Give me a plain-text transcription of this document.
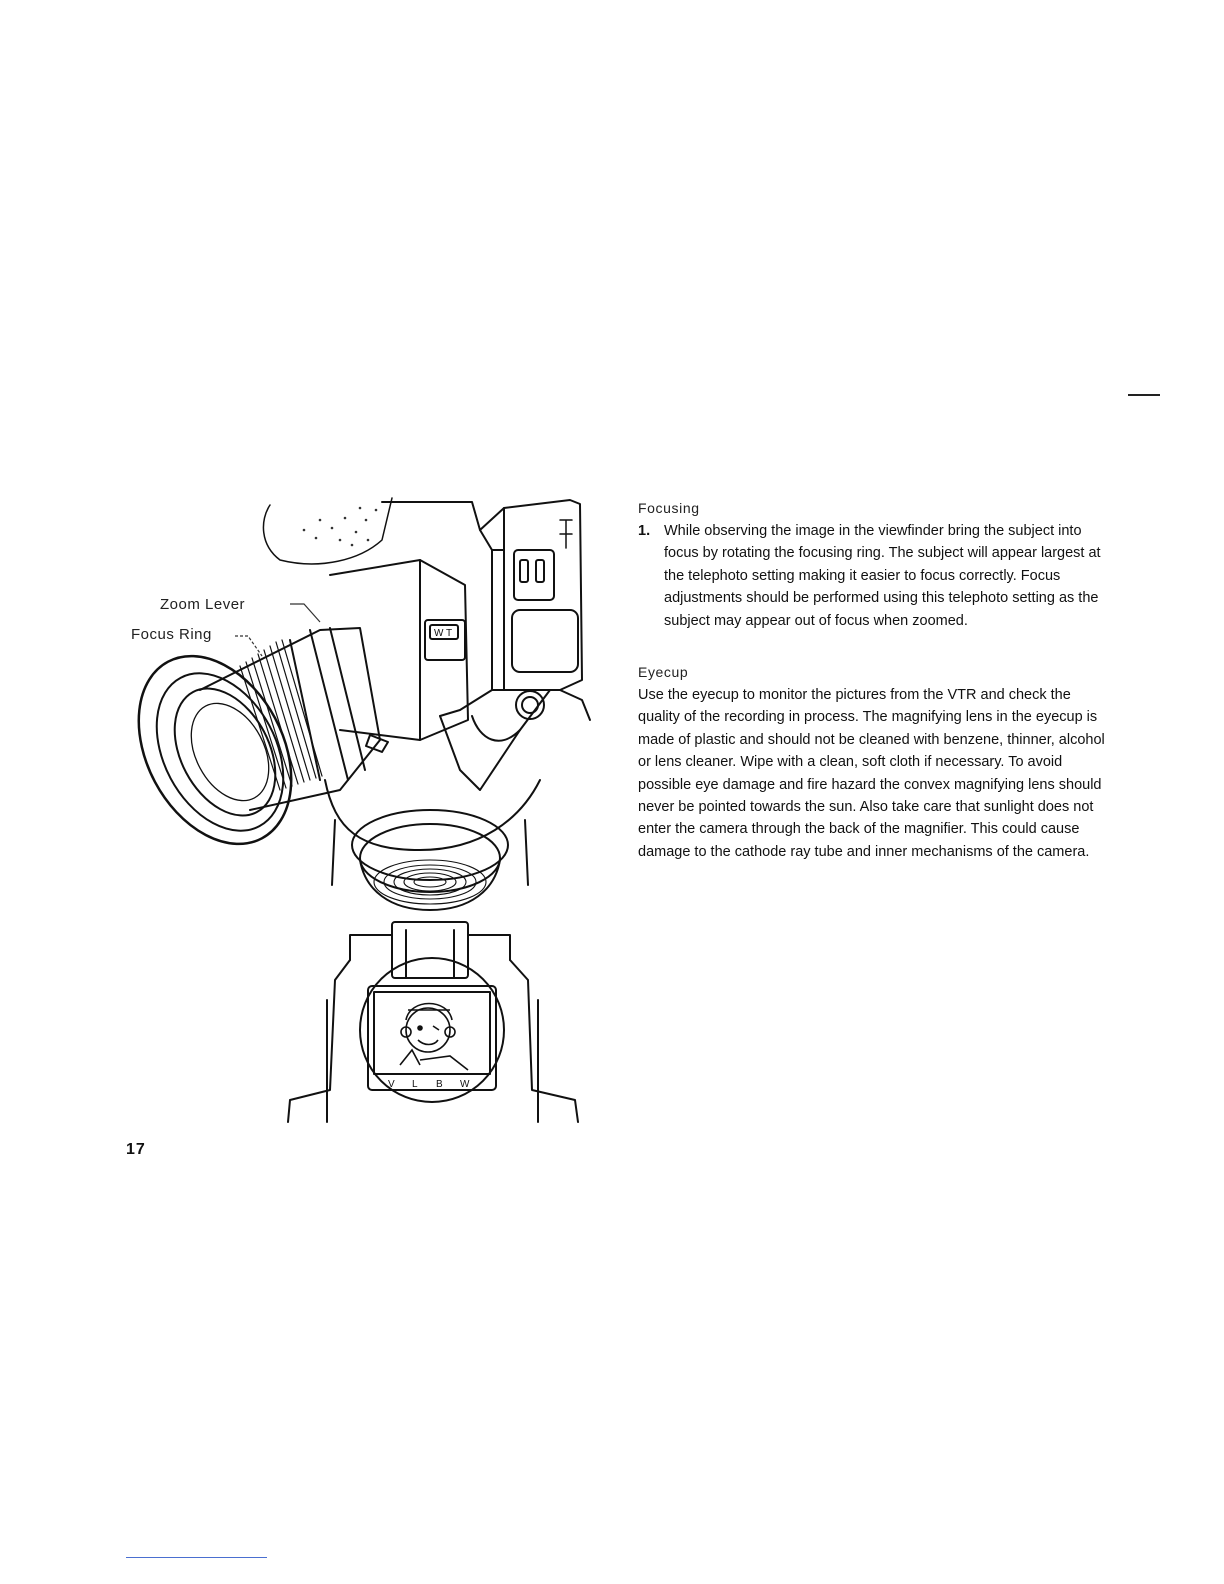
W T
V L B W
Zoom Lever
Focus Ring
Focusing
1. While observing the image in the viewfinder bring the subject into focus by rotating the focusing ring. The subject will appear largest at the telephoto setting making it easier to focus correctly. Focus adjustments should be performed using this telephoto setting as the subject may appear out of focus when zoomed.
Eyecup

Use the eyecup to monitor the pictures from the VTR and check the quality of the recording in process. The magnifying lens in the eyecup is made of plastic and should not be cleaned with benzene, thinner, alcohol or lens cleaner. Wipe with a clean, soft cloth if necessary. To avoid possible eye damage and fire hazard the convex magnifying lens should never be pointed towards the sun. Also take care that sunlight does not enter the camera through the back of the magnifier. This could cause damage to the cathode ray tube and inner mechanisms of the camera.

17
